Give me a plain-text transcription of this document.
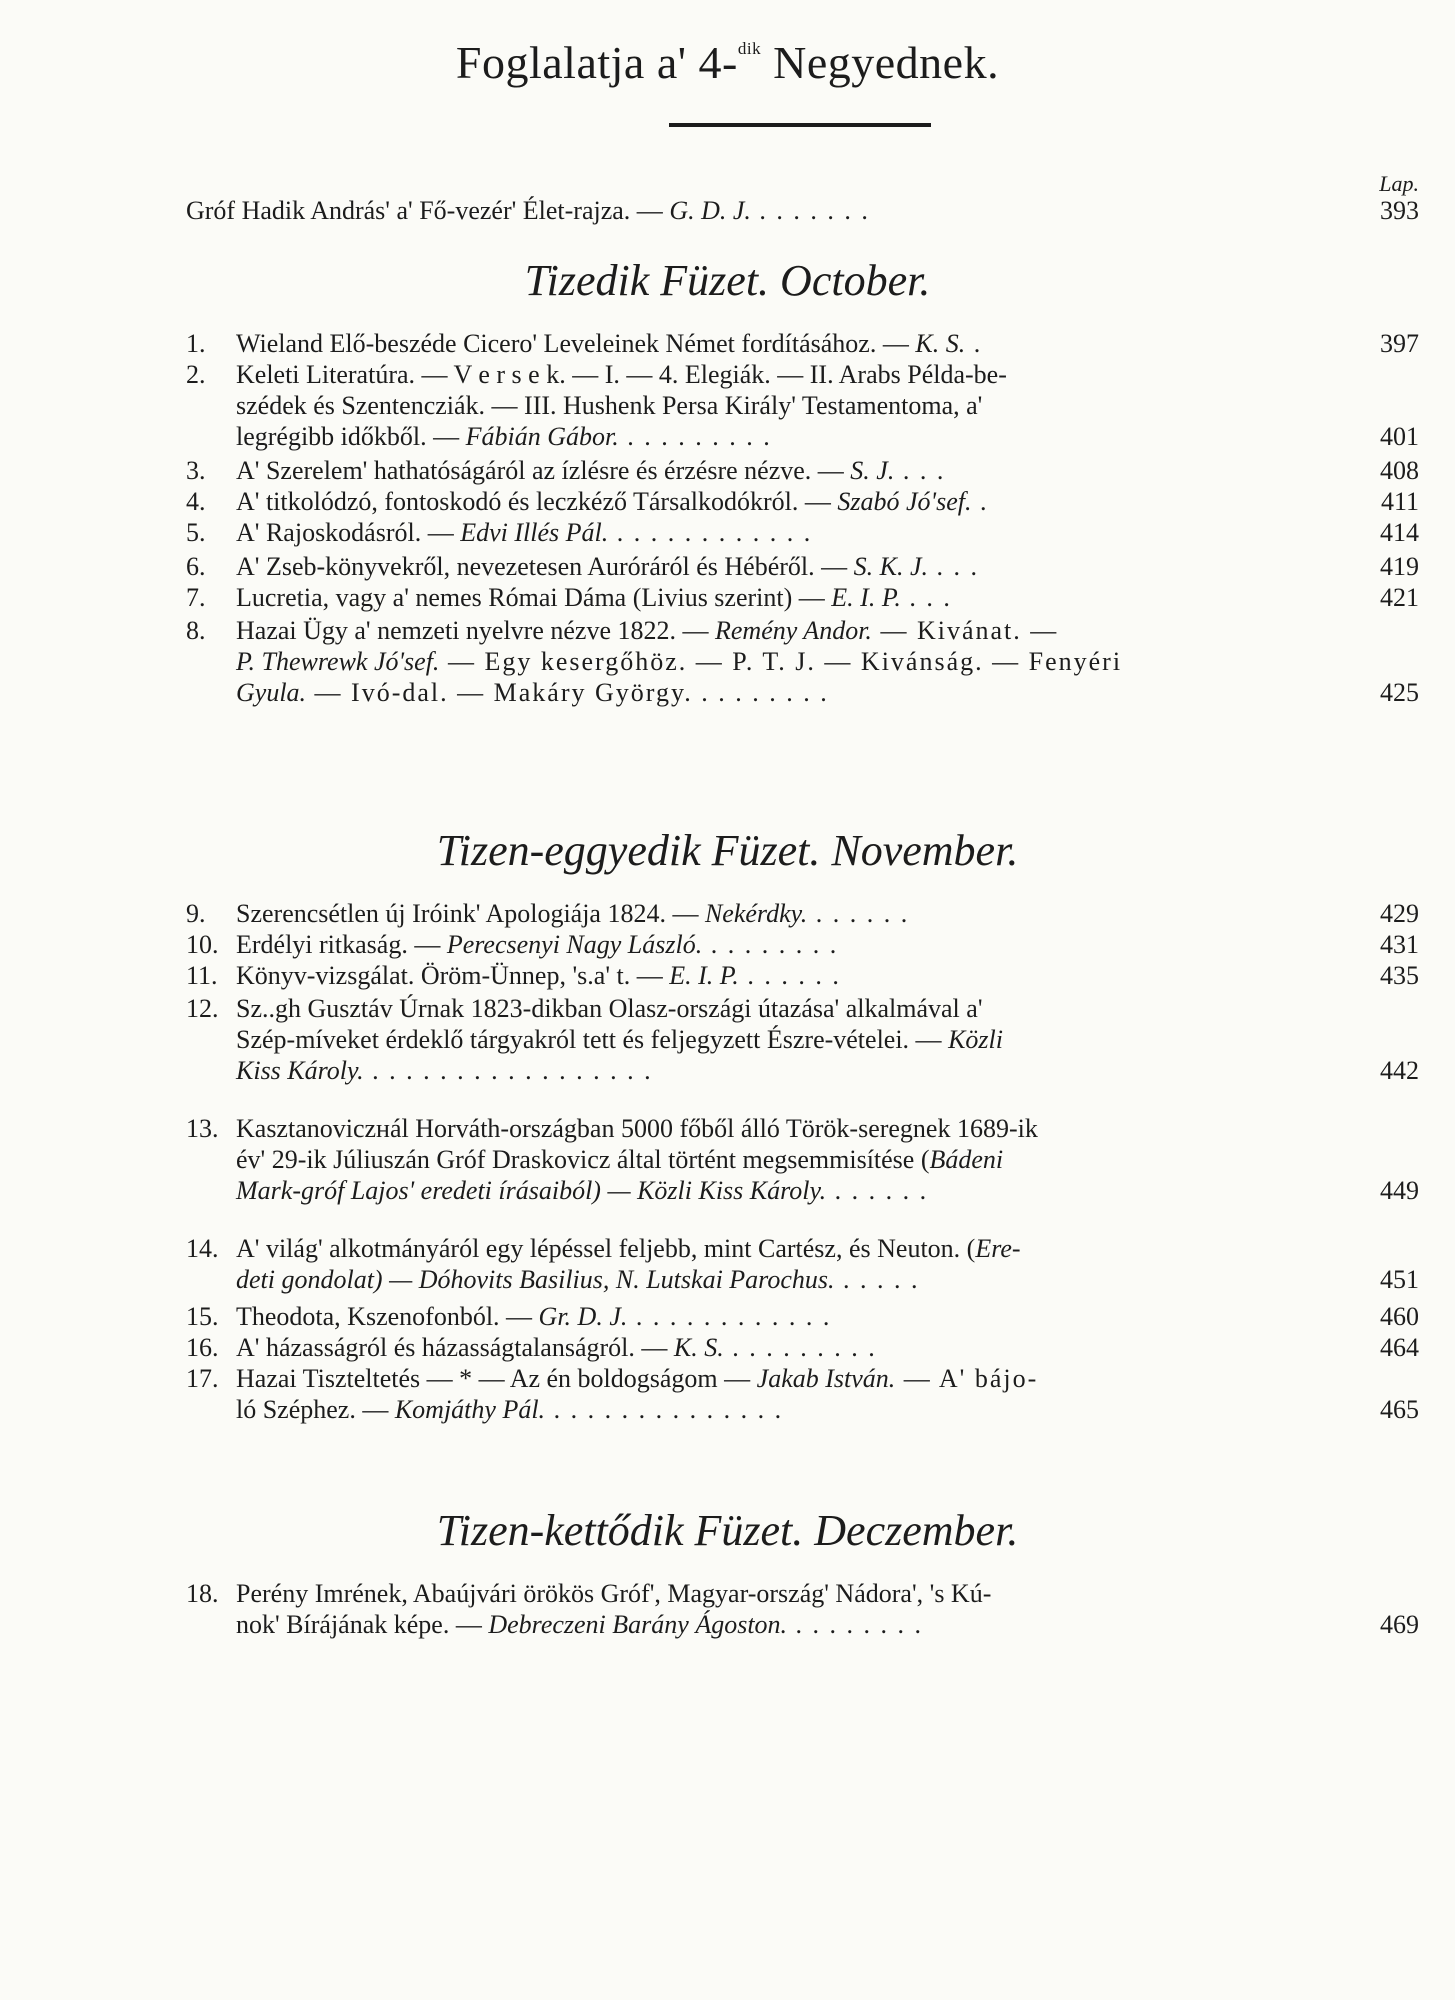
Foglalatja a' 4-$^{dik}$ Negyednek.
Lap.
Gróf Hadik András' a' Fő-vezér' Élet-rajza. — G. D. J. . . . . . . .	393
Tizedik Füzet. October.
1.	Wieland Elő-beszéde Cicero' Leveleinek Német fordításához. — K. S. .	397
2.	Keleti Literatúra. — V e r s e k. — I. — 4. Elegiák. — II. Arabs Példa-be-
szédek és Szentencziák. — III. Hushenk Persa Király' Testamentoma, a'
legrégibb időkből. — Fábián Gábor. . . . . . . . . .	401
3.	A' Szerelem' hathatóságáról az ízlésre és érzésre nézve. — S. J. . . .	408
4.	A' titkolódzó, fontoskodó és leczkéző Társalkodókról. — Szabó Jó'sef. .	411
5.	A' Rajoskodásról. — Edvi Illés Pál. . . . . . . . . . . . .	414
6.	A' Zseb-könyvekről, nevezetesen Auróráról és Hébéről. — S. K. J. . . .	419
7.	Lucretia, vagy a' nemes Római Dáma (Livius szerint) — E. I. P. . . .	421
8.	Hazai Ügy a' nemzeti nyelvre nézve 1822. — Remény Andor. — Kivánat. —
P. Thewrewk Jó'sef. — Egy kesergőhöz. — P. T. J. — Kivánság. — Fenyéri
Gyula. — Ivó-dal. — Makáry György. . . . . . . . .	425
Tizen-eggyedik Füzet. November.
9.	Szerencsétlen új Iróink' Apologiája 1824. — Nekérdky. . . . . . .	429
10. Erdélyi ritkaság. — Perecsenyi Nagy László. . . . . . . . .	431
11. Könyv-vizsgálat. Öröm-Ünnep, 's.a' t. — E. I. P. . . . . . .	435
12. Sz..gh Gusztáv Úrnak 1823-dikban Olasz-országi útazása' alkalmával a'
Szép-míveket érdeklő tárgyakról tett és feljegyzett Észre-vételei. — Közli
Kiss Károly. . . . . . . . . . . . . . . . . .	442
13. Kasztanoviczнál Horváth-országban 5000 főből álló Török-seregnek 1689-ik
év' 29-ik Júliuszán Gróf Draskovicz által történt megsemmisítése (Bádeni
Mark-gróf Lajos' eredeti írásaiból) — Közli Kiss Károly. . . . . . .	449
14. A' világ' alkotmányáról egy lépéssel feljebb, mint Cartész, és Neuton. (Ere-
deti gondolat) — Dóhovits Basilius, N. Lutskai Parochus. . . . . .	451
15. Theodota, Kszenofonból. — Gr. D. J. . . . . . . . . . . . .	460
16. A' házasságról és házasságtalanságról. — K. S. . . . . . . . . .	464
17. Hazai Tiszteltetés — * — Az én boldogságom — Jakab István. — A' bájo-
ló Széphez. — Komjáthy Pál. . . . . . . . . . . . . . .	465
Tizen-kettődik Füzet. Deczember.
18. Perény Imrének, Abaújvári örökös Gróf', Magyar-ország' Nádora', 's Kú-
nok' Bírájának képe. — Debreczeni Barány Ágoston. . . . . . . . .	469
